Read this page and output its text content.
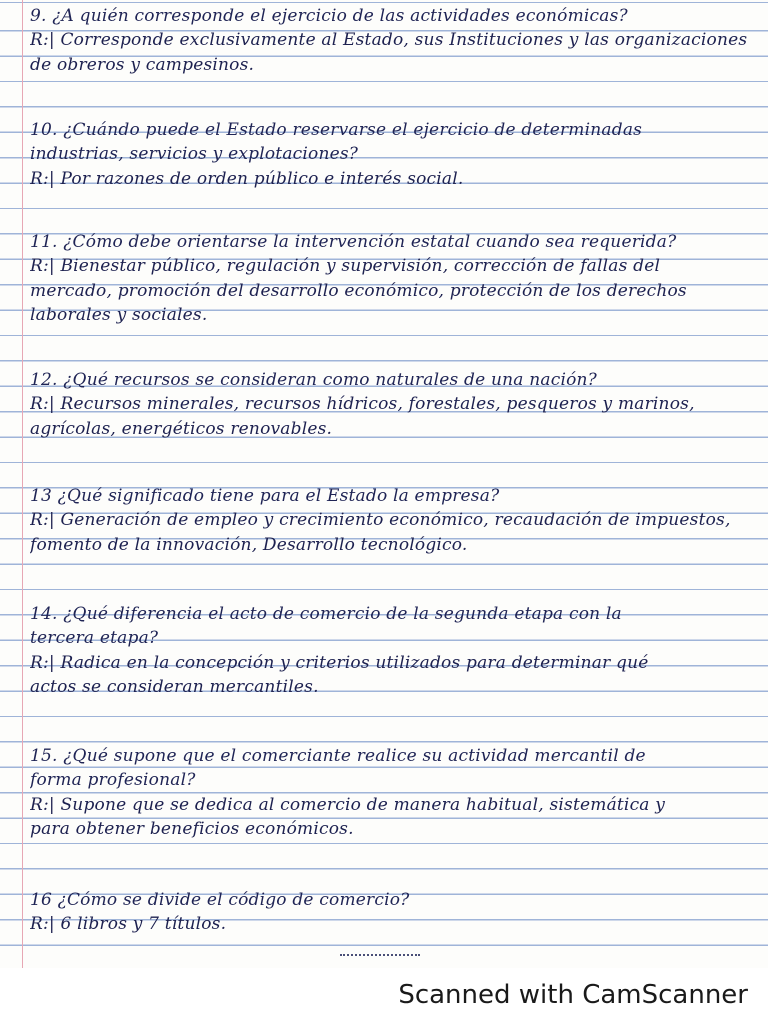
9. ¿A quién corresponde el ejercicio de las actividades económicas?
R:| Corresponde exclusivamente al Estado, sus Instituciones y las organizaciones
de obreros y campesinos.
10. ¿Cuándo puede el Estado reservarse el ejercicio de determinadas
industrias, servicios y explotaciones?
R:| Por razones de orden público e interés social.
11. ¿Cómo debe orientarse la intervención estatal cuando sea requerida?
R:| Bienestar público, regulación y supervisión, corrección de fallas del
mercado, promoción del desarrollo económico, protección de los derechos
laborales y sociales.
12. ¿Qué recursos se consideran como naturales de una nación?
R:| Recursos minerales, recursos hídricos, forestales, pesqueros y marinos,
agrícolas, energéticos renovables.
13 ¿Qué significado tiene para el Estado la empresa?
R:| Generación de empleo y crecimiento económico, recaudación de impuestos,
fomento de la innovación, Desarrollo tecnológico.
14. ¿Qué diferencia el acto de comercio de la segunda etapa con la
tercera etapa?
R:| Radica en la concepción y criterios utilizados para determinar qué
actos se consideran mercantiles.
15. ¿Qué supone que el comerciante realice su actividad mercantil de
forma profesional?
R:| Supone que se dedica al comercio de manera habitual, sistemática y
para obtener beneficios económicos.
16 ¿Cómo se divide el código de comercio?
R:| 6 libros y 7 títulos.
Scanned with CamScanner
